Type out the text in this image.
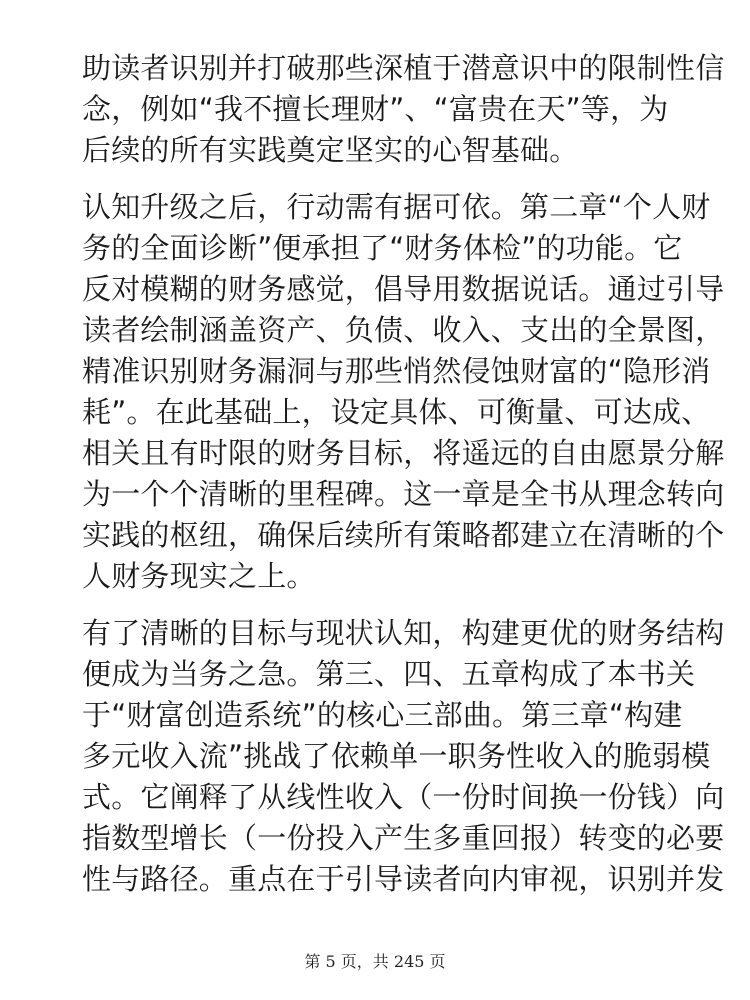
助读者识别并打破那些深植于潜意识中的限制性信
念，例如“我不擅长理财”、“富贵在天”等，为
后续的所有实践奠定坚实的心智基础。
认知升级之后，行动需有据可依。第二章“个人财
务的全面诊断”便承担了“财务体检”的功能。它
反对模糊的财务感觉，倡导用数据说话。通过引导
读者绘制涵盖资产、负债、收入、支出的全景图，
精准识别财务漏洞与那些悄然侵蚀财富的“隐形消
耗”。在此基础上，设定具体、可衡量、可达成、
相关且有时限的财务目标，将遥远的自由愿景分解
为一个个清晰的里程碑。这一章是全书从理念转向
实践的枢纽，确保后续所有策略都建立在清晰的个
人财务现实之上。
有了清晰的目标与现状认知，构建更优的财务结构
便成为当务之急。第三、四、五章构成了本书关
于“财富创造系统”的核心三部曲。第三章“构建
多元收入流”挑战了依赖单一职务性收入的脆弱模
式。它阐释了从线性收入（一份时间换一份钱）向
指数型增长（一份投入产生多重回报）转变的必要
性与路径。重点在于引导读者向内审视，识别并发
第 5 页，共 245 页
